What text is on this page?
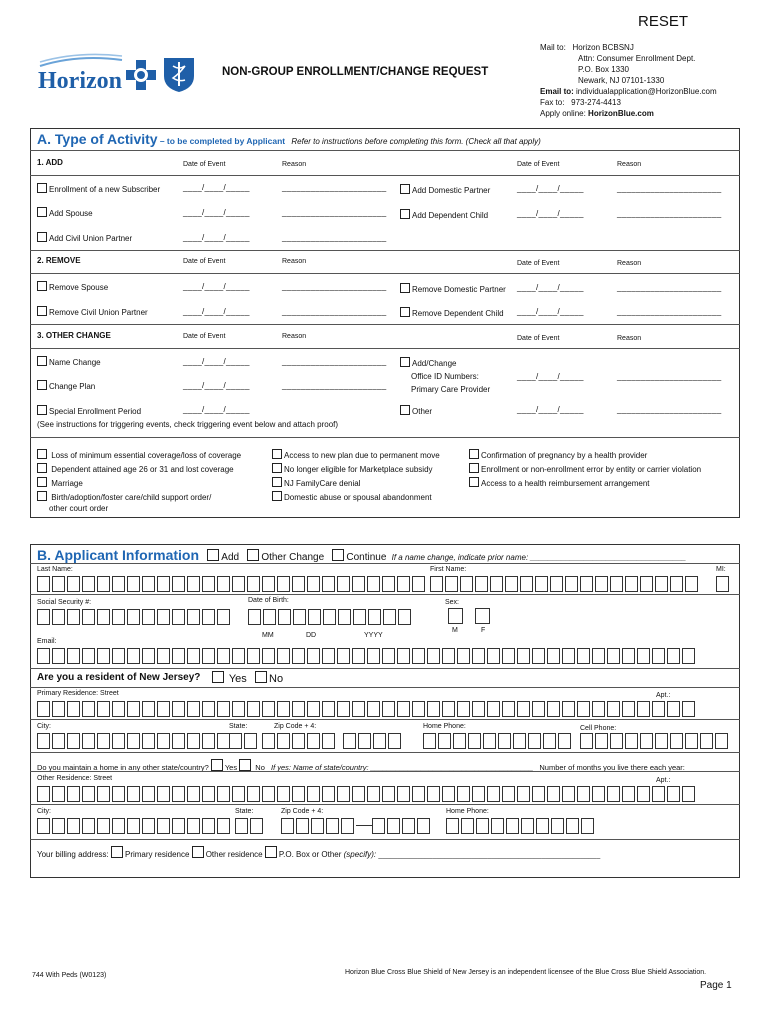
RESET
Horizon	NON-GROUP ENROLLMENT/CHANGE REQUEST
Mail to: Horizon BCBSNJ
Attn: Consumer Enrollment Dept.
P.O. Box 1330
Newark, NJ 07101-1330
Email to: individualapplication@HorizonBlue.com
Fax to: 973-274-4413
Apply online: HorizonBlue.com
A. Type of Activity – to be completed by Applicant Refer to instructions before completing this form. (Check all that apply)
1. ADD	Date of Event	Reason	Date of Event	Reason
Enrollment of a new Subscriber	____/____/_____	______________________	Add Domestic Partner	____/____/_____	______________________
Add Spouse	____/____/_____	______________________	Add Dependent Child	____/____/_____	______________________
Add Civil Union Partner	____/____/_____	______________________
2. REMOVE	Date of Event	Reason	Date of Event	Reason
Remove Spouse	____/____/_____	______________________	Remove Domestic Partner ____/____/_____	______________________
Remove Civil Union Partner	____/____/_____	______________________	Remove Dependent Child ____/____/_____	______________________
3. OTHER CHANGE	Date of Event	Reason	Date of Event	Reason
Name Change	____/____/_____	______________________	Add/Change
Office ID Numbers:
Primary Care Provider
____/____/_____	______________________
Change Plan	____/____/_____	______________________
Special Enrollment Period	____/____/_____	Other	____/____/_____	______________________
(See instructions for triggering events, check triggering event below and attach proof)
Loss of minimum essential coverage/loss of coverage
Dependent attained age 26 or 31 and lost coverage
Marriage
Birth/adoption/foster care/child support order/
other court order
Access to new plan due to permanent move
No longer eligible for Marketplace subsidy
NJ FamilyCare denial
Domestic abuse or spousal abandonment
Confirmation of pregnancy by a health provider
Enrollment or non-enrollment error by entity or carrier violation
Access to a health reimbursement arrangement
B. Applicant Information Add Other Change Continue If a name change, indicate prior name: ___________________________________
Last Name:	First Name:	MI:
Social Security #:	Date of Birth:	Sex:
MM	DD	YYYY
M	F
Email:
Are you a resident of New Jersey?	Yes	No
Primary Residence: Street	Apt.:
City:	State:	Zip Code + 4:	Home Phone:	Cell Phone:
Do you maintain a home in any other state/country? Yes No If yes: Name of state/country: _______________________________________ Number of months you live there each year: ___________
Other Residence: Street	Apt.:
City:	State:	Zip Code + 4:	Home Phone:
Your billing address: Primary residence Other residence P.O. Box or Other (specify): _________________________________________________________
744 With Peds (W0123)	Horizon Blue Cross Blue Shield of New Jersey is an independent licensee of the Blue Cross Blue Shield Association.
Page 1
